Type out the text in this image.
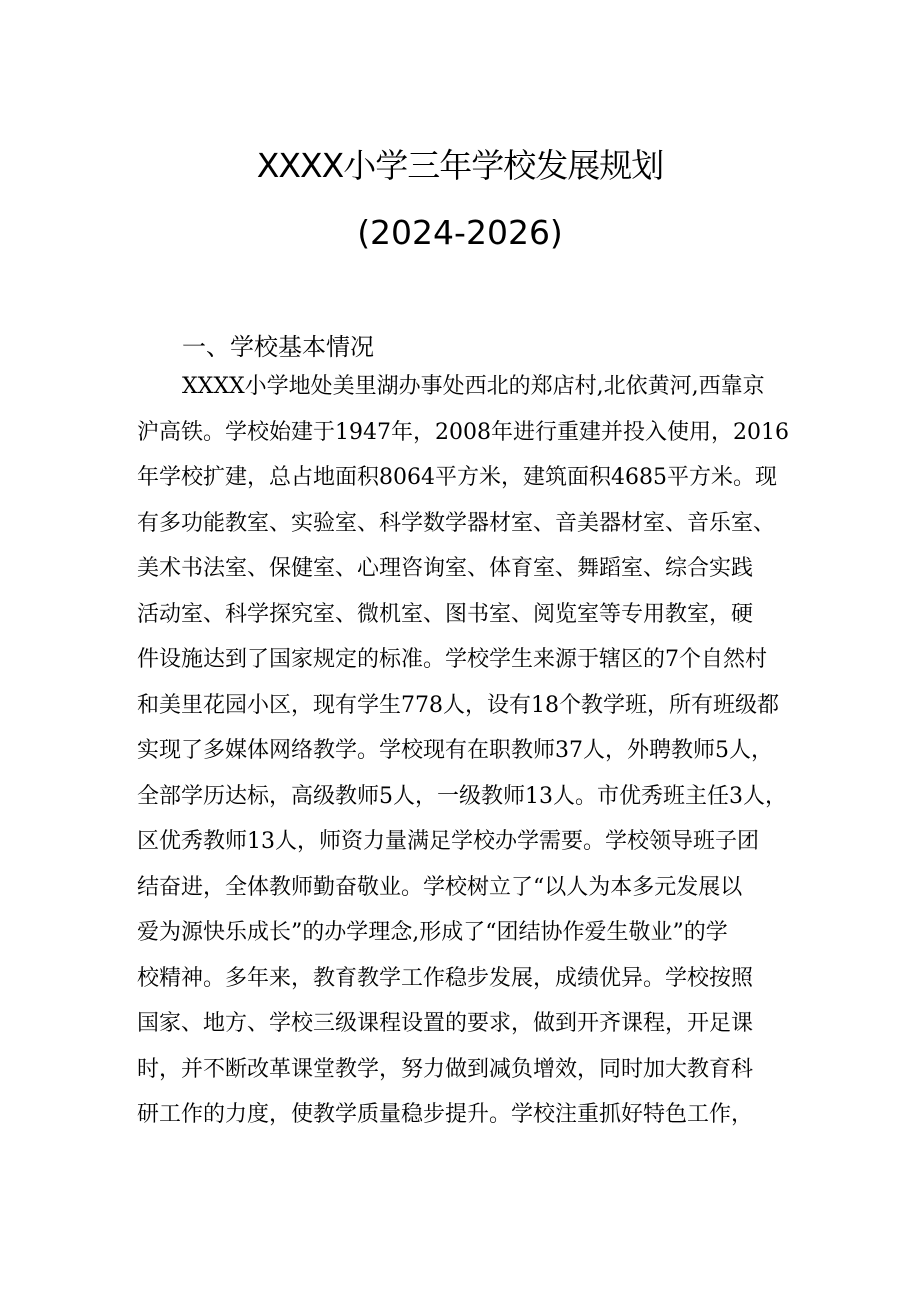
XXXX小学三年学校发展规划
(2024-2026)
一、学校基本情况
XXXX小学地处美里湖办事处西北的郑店村,北依黄河,西靠京
沪高铁。学校始建于1947年，2008年进行重建并投入使用，2016
年学校扩建，总占地面积8064平方米，建筑面积4685平方米。现
有多功能教室、实验室、科学数学器材室、音美器材室、音乐室、
美术书法室、保健室、心理咨询室、体育室、舞蹈室、综合实践
活动室、科学探究室、微机室、图书室、阅览室等专用教室，硬
件设施达到了国家规定的标准。学校学生来源于辖区的7个自然村
和美里花园小区，现有学生778人，设有18个教学班，所有班级都
实现了多媒体网络教学。学校现有在职教师37人，外聘教师5人，
全部学历达标，高级教师5人，一级教师13人。市优秀班主任3人，
区优秀教师13人，师资力量满足学校办学需要。学校领导班子团
结奋进，全体教师勤奋敬业。学校树立了“以人为本多元发展以
爱为源快乐成长”的办学理念,形成了“团结协作爱生敬业”的学
校精神。多年来，教育教学工作稳步发展，成绩优异。学校按照
国家、地方、学校三级课程设置的要求，做到开齐课程，开足课
时，并不断改革课堂教学，努力做到减负增效，同时加大教育科
研工作的力度，使教学质量稳步提升。学校注重抓好特色工作，
